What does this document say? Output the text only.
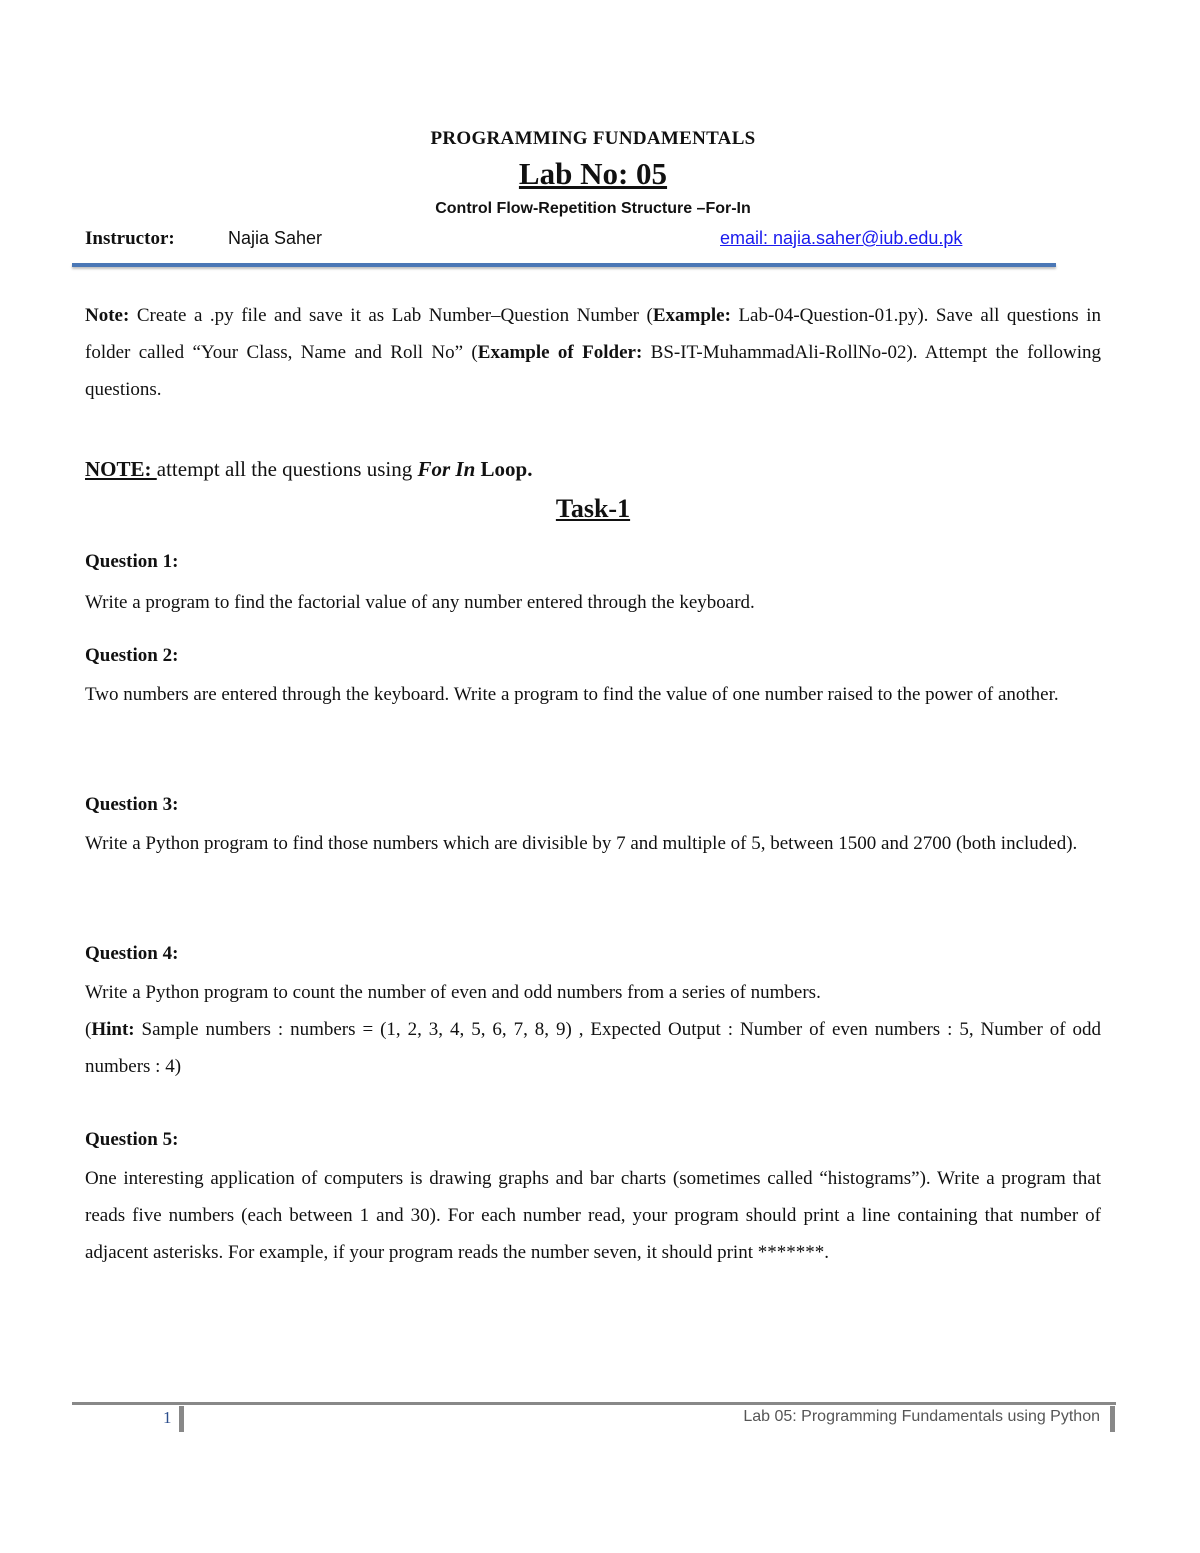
PROGRAMMING FUNDAMENTALS
Lab No: 05
Control Flow-Repetition Structure –For-In
Instructor:	Najia Saher	email: najia.saher@iub.edu.pk

Note: Create a .py file and save it as Lab Number–Question Number (Example: Lab-04-Question-01.py). Save all questions in folder called “Your Class, Name and Roll No” (Example of Folder: BS-IT-MuhammadAli-RollNo-02). Attempt the following questions.

NOTE: attempt all the questions using For In Loop.

Task-1
Question 1:

Write a program to find the factorial value of any number entered through the keyboard.

Question 2:

Two numbers are entered through the keyboard. Write a program to find the value of one number raised to the power of another.

Question 3:

Write a Python program to find those numbers which are divisible by 7 and multiple of 5, between 1500 and 2700 (both included).

Question 4:

Write a Python program to count the number of even and odd numbers from a series of numbers.

(Hint: Sample numbers : numbers = (1, 2, 3, 4, 5, 6, 7, 8, 9) , Expected Output : Number of even numbers : 5, Number of odd numbers : 4)

Question 5:

One interesting application of computers is drawing graphs and bar charts (sometimes called “histograms”). Write a program that reads five numbers (each between 1 and 30). For each number read, your program should print a line containing that number of adjacent asterisks. For example, if your program reads the number seven, it should print *******.

1	Lab 05: Programming Fundamentals using Python
